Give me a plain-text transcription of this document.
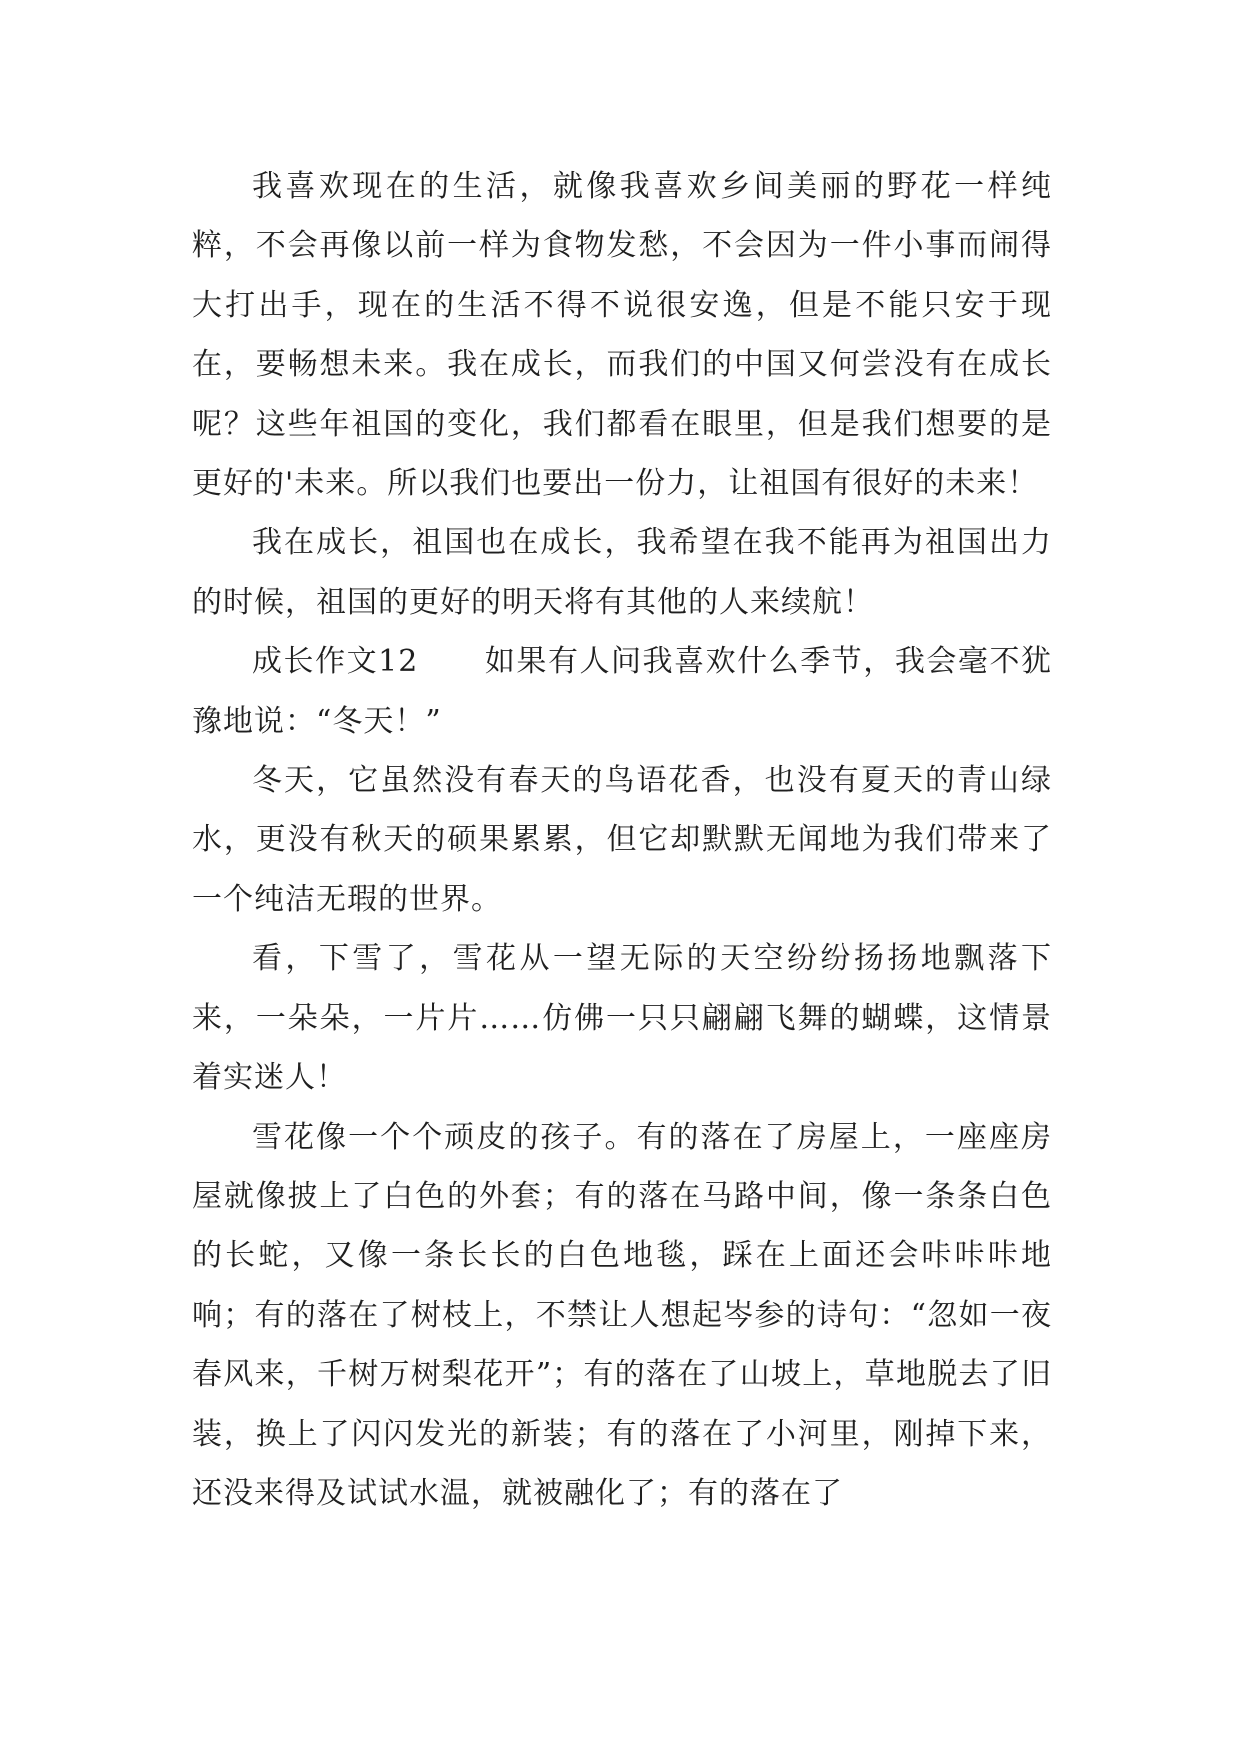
我喜欢现在的生活，就像我喜欢乡间美丽的野花一样纯粹，不会再像以前一样为食物发愁，不会因为一件小事而闹得大打出手，现在的生活不得不说很安逸，但是不能只安于现在，要畅想未来。我在成长，而我们的中国又何尝没有在成长呢？这些年祖国的变化，我们都看在眼里，但是我们想要的是更好的'未来。所以我们也要出一份力，让祖国有很好的未来！

我在成长，祖国也在成长，我希望在我不能再为祖国出力的时候，祖国的更好的明天将有其他的人来续航！

成长作文12 如果有人问我喜欢什么季节，我会毫不犹豫地说：“冬天！”

冬天，它虽然没有春天的鸟语花香，也没有夏天的青山绿水，更没有秋天的硕果累累，但它却默默无闻地为我们带来了一个纯洁无瑕的世界。

看，下雪了，雪花从一望无际的天空纷纷扬扬地飘落下来，一朵朵，一片片……仿佛一只只翩翩飞舞的蝴蝶，这情景着实迷人！

雪花像一个个顽皮的孩子。有的落在了房屋上，一座座房屋就像披上了白色的外套；有的落在马路中间，像一条条白色的长蛇，又像一条长长的白色地毯，踩在上面还会咔咔咔地响；有的落在了树枝上，不禁让人想起岑参的诗句：“忽如一夜春风来，千树万树梨花开”；有的落在了山坡上，草地脱去了旧装，换上了闪闪发光的新装；有的落在了小河里，刚掉下来，还没来得及试试水温，就被融化了；有的落在了
